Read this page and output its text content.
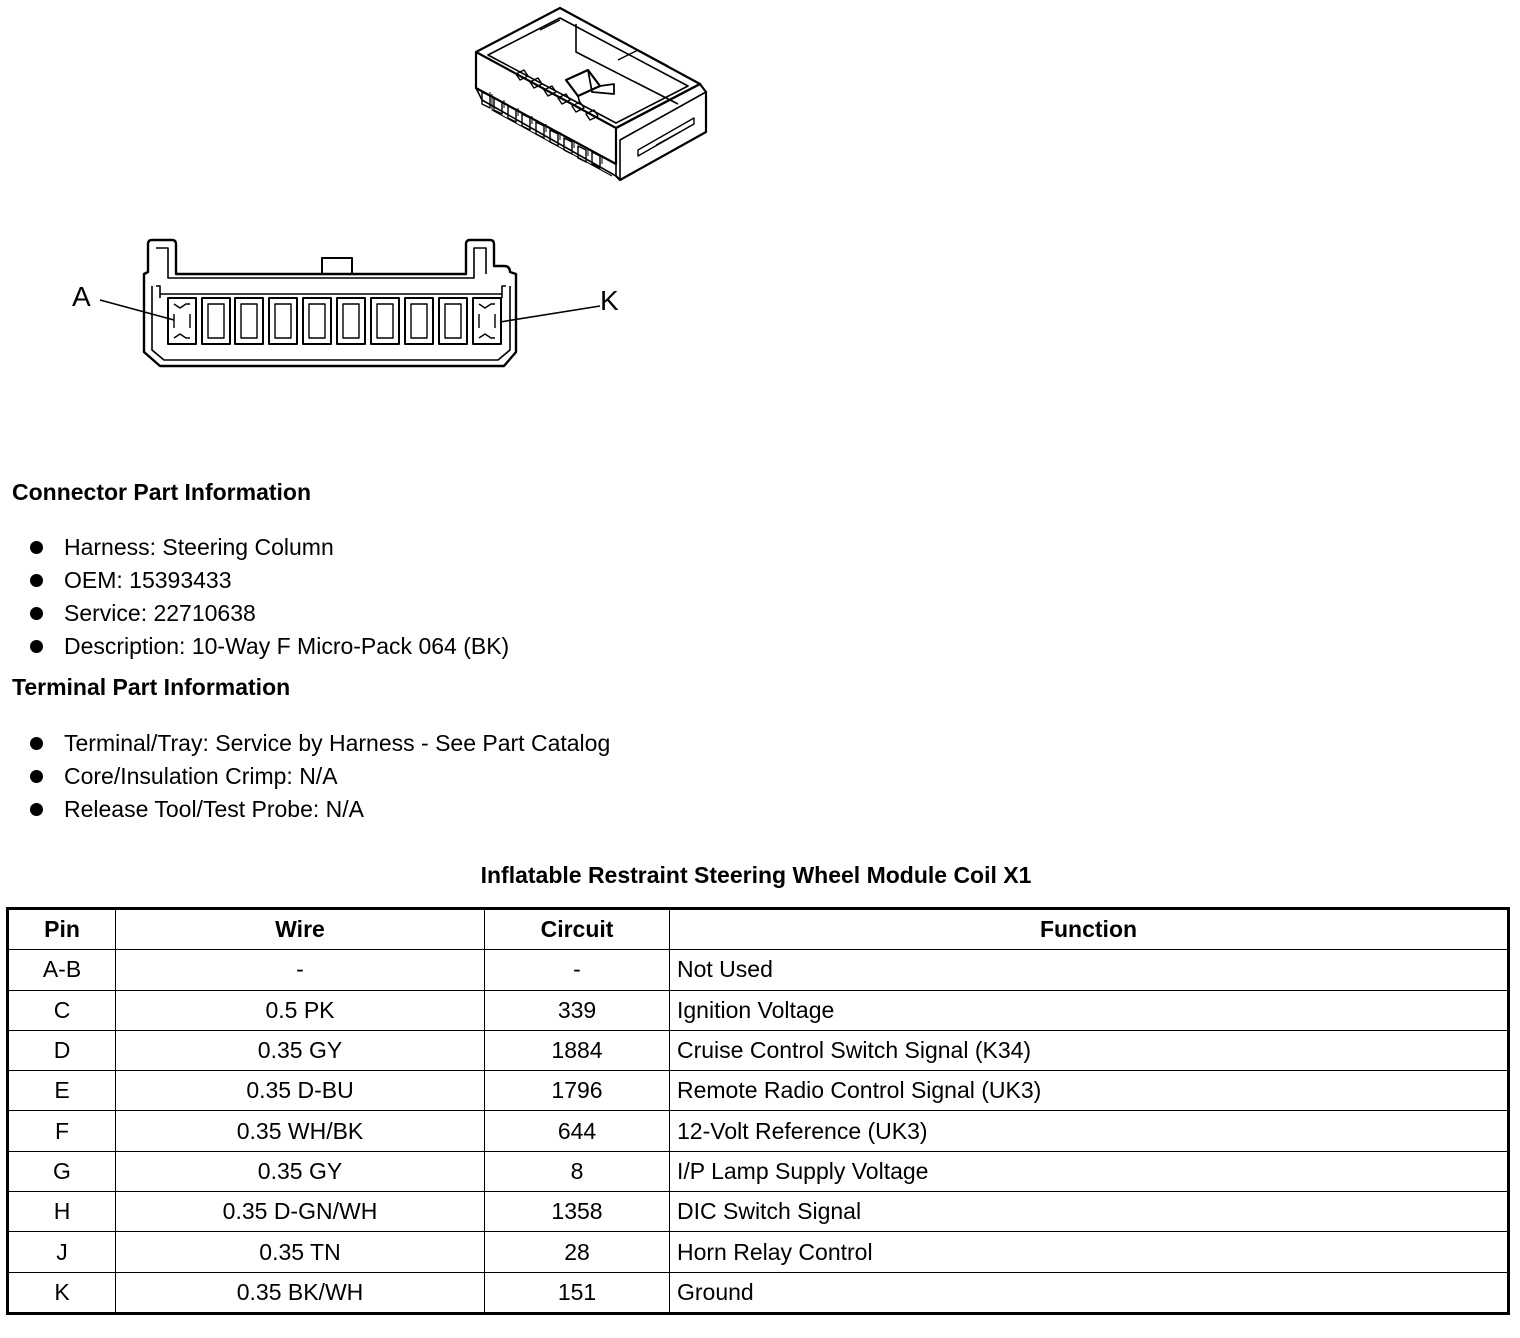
A	K
Connector Part Information
Harness: Steering Column
OEM: 15393433
Service: 22710638
Description: 10-Way F Micro-Pack 064 (BK)
Terminal Part Information
Terminal/Tray: Service by Harness - See Part Catalog
Core/Insulation Crimp: N/A
Release Tool/Test Probe: N/A
Inflatable Restraint Steering Wheel Module Coil X1
Pin	Wire	Circuit	Function
A-B	-	-	Not Used
C	0.5 PK	339	Ignition Voltage
D	0.35 GY	1884	Cruise Control Switch Signal (K34)
E	0.35 D-BU	1796	Remote Radio Control Signal (UK3)
F	0.35 WH/BK	644	12-Volt Reference (UK3)
G	0.35 GY	8	I/P Lamp Supply Voltage
H	0.35 D-GN/WH	1358	DIC Switch Signal
J	0.35 TN	28	Horn Relay Control
K	0.35 BK/WH	151	Ground
